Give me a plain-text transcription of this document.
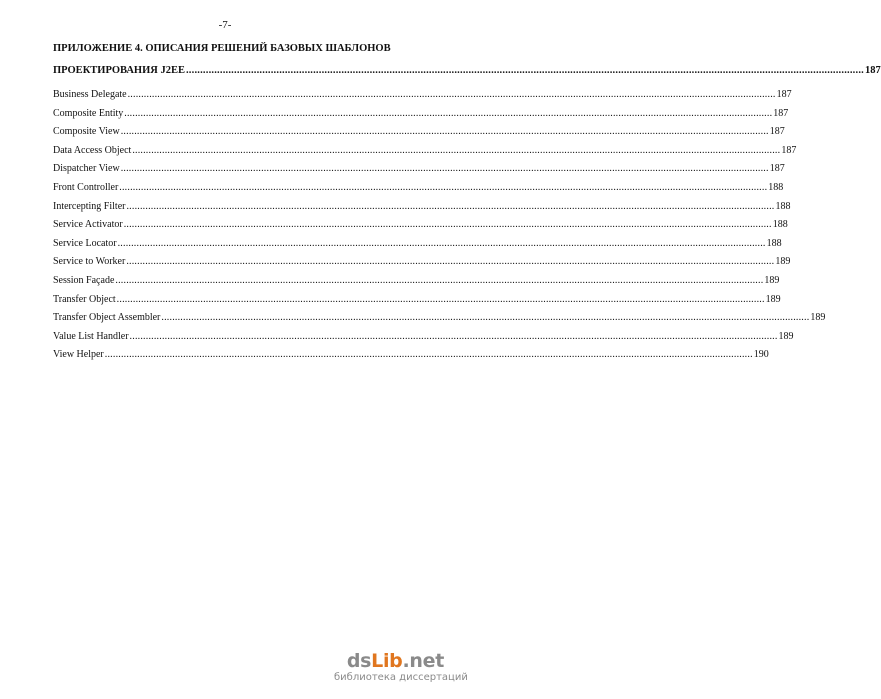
-7-
ПРИЛОЖЕНИЕ 4. ОПИСАНИЯ РЕШЕНИЙ БАЗОВЫХ ШАБЛОНОВ
ПРОЕКТИРОВАНИЯ J2EE .....	187
Business Delegate .....	187
Composite Entity .....	187
Composite View .....	187
Data Access Object .....	187
Dispatcher View .....	187
Front Controller .....	188
Intercepting Filter .....	188
Service Activator .....	188
Service Locator .....	188
Service to Worker .....	189
Session Façade .....	189
Transfer Object .....	189
Transfer Object Assembler .....	189
Value List Handler .....	189
View Helper .....	190
dsLib.net
библиотека диссертаций
